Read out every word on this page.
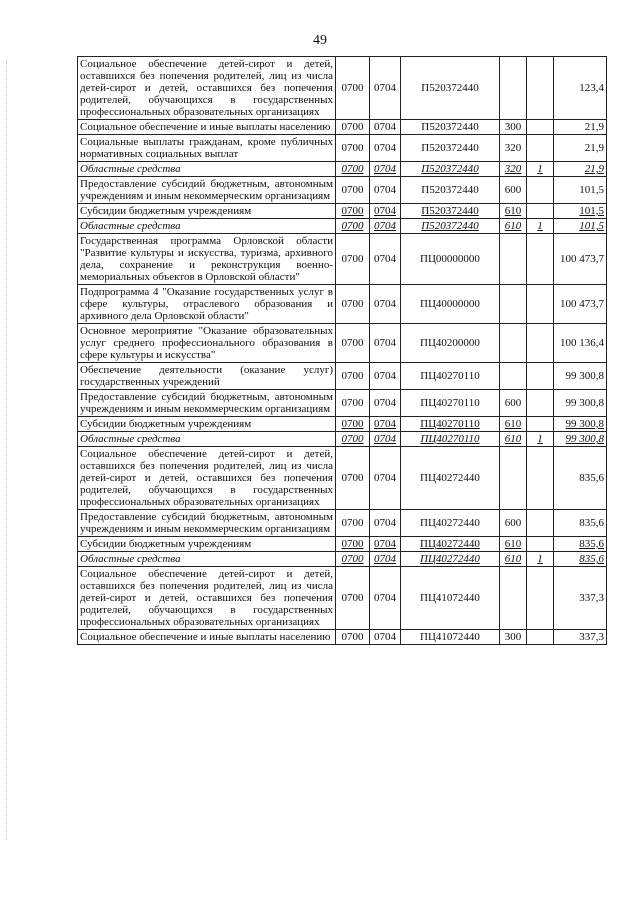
49
Социальное обеспечение детей-сирот и детей, оставшихся без попечения родителей, лиц из числа детей-сирот и детей, оставшихся без попечения родителей, обучающихся в государственных профессиональных образовательных организациях	0700	0704	П520372440			123,4
Социальное обеспечение и иные выплаты населению	0700	0704	П520372440	300		21,9
Социальные выплаты гражданам, кроме публичных нормативных социальных выплат	0700	0704	П520372440	320		21,9
Областные средства	0700	0704	П520372440	320	1	21,9
Предоставление субсидий бюджетным, автономным учреждениям и иным некоммерческим организациям	0700	0704	П520372440	600		101,5
Субсидии бюджетным учреждениям	0700	0704	П520372440	610		101,5
Областные средства	0700	0704	П520372440	610	1	101,5
Государственная программа Орловской области "Развитие культуры и искусства, туризма, архивного дела, сохранение и реконструкция военно-мемориальных объектов в Орловской области"	0700	0704	ПЦ00000000			100 473,7
Подпрограмма 4 "Оказание государственных услуг в сфере культуры, отраслевого образования и архивного дела Орловской области"	0700	0704	ПЦ40000000			100 473,7
Основное мероприятие "Оказание образовательных услуг среднего профессионального образования в сфере культуры и искусства"	0700	0704	ПЦ40200000			100 136,4
Обеспечение деятельности (оказание услуг) государственных учреждений	0700	0704	ПЦ40270110			99 300,8
Предоставление субсидий бюджетным, автономным учреждениям и иным некоммерческим организациям	0700	0704	ПЦ40270110	600		99 300,8
Субсидии бюджетным учреждениям	0700	0704	ПЦ40270110	610		99 300,8
Областные средства	0700	0704	ПЦ40270110	610	1	99 300,8
Социальное обеспечение детей-сирот и детей, оставшихся без попечения родителей, лиц из числа детей-сирот и детей, оставшихся без попечения родителей, обучающихся в государственных профессиональных образовательных организациях	0700	0704	ПЦ40272440			835,6
Предоставление субсидий бюджетным, автономным учреждениям и иным некоммерческим организациям	0700	0704	ПЦ40272440	600		835,6
Субсидии бюджетным учреждениям	0700	0704	ПЦ40272440	610		835,6
Областные средства	0700	0704	ПЦ40272440	610	1	835,6
Социальное обеспечение детей-сирот и детей, оставшихся без попечения родителей, лиц из числа детей-сирот и детей, оставшихся без попечения родителей, обучающихся в государственных профессиональных образовательных организациях	0700	0704	ПЦ41072440			337,3
Социальное обеспечение и иные выплаты населению	0700	0704	ПЦ41072440	300		337,3
